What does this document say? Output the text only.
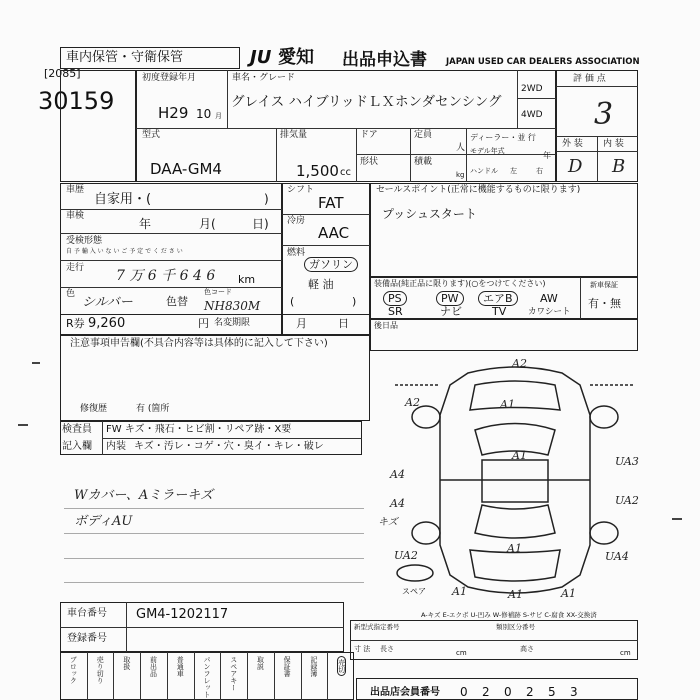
車内保管・守衛保管
[2085]
30159
JU 愛知 出品申込書 JAPAN USED CAR DEALERS ASSOCIATION
初度登録年月
H29 10 月
車名・グレード
グレイス ハイブリッドＬＸホンダセンシング
2WD
4WD
型式
DAA-GM4
排気量
1,500 cc
ドア	定員
人
形状	積載
kg
ディーラー・並 行
モデル年式	年
ハンドル 左	右
評 価 点
3
外 装 内 装
D B
車歴
自家用・(	)
車検
年	月(	日)
受検形態
自 予 輸 入 い な い ご 予 定 で く だ さ い
走行 7 万 6 千 6 4 6 km
色
シルバー	色替
色コード
NH830M
シフト
FAT
冷房
AAC
燃料
ガソリン
軽 油
(	)
R券 9,260	円 名変期限	月	日
セールスポイント(正常に機能するものに限ります)
プッシュスタート
装備品(純正品に限ります)(○をつけてください)
PS	PW	エアB	AW
SR	ナビ	TV	カワシート
新車保証
有・無
後日品
注意事項申告欄(不具合内容等は具体的に記入して下さい)
修復歴	有 (箇所
検査員
記入欄
FW キズ・飛石・ヒビ割・リペア跡・X要
内装 キズ・汚レ・コゲ・穴・臭イ・キレ・破レ
Wカバー、Aミラーキズ
ボディAU
A2
A2	A1
A1	UA3
A4
A4	UA2
UA2
A1
UA4
A1	A1	A1
キズ
スペア
A-キズ E-エクボ U-凹み W-修補跡 S-サビ C-腐食 XX-交換済
車台番号 GM4-1202117
登録番号
ブロック	売り切り	取扱	前出品	普通車	パンフレット	スペアキー	取説	保証書	記録簿	売切
新型式指定番号	類別区分番号
寸 法 長さ	cm	高さ	cm
出品店会員番号 0 2 0 2 5 3
